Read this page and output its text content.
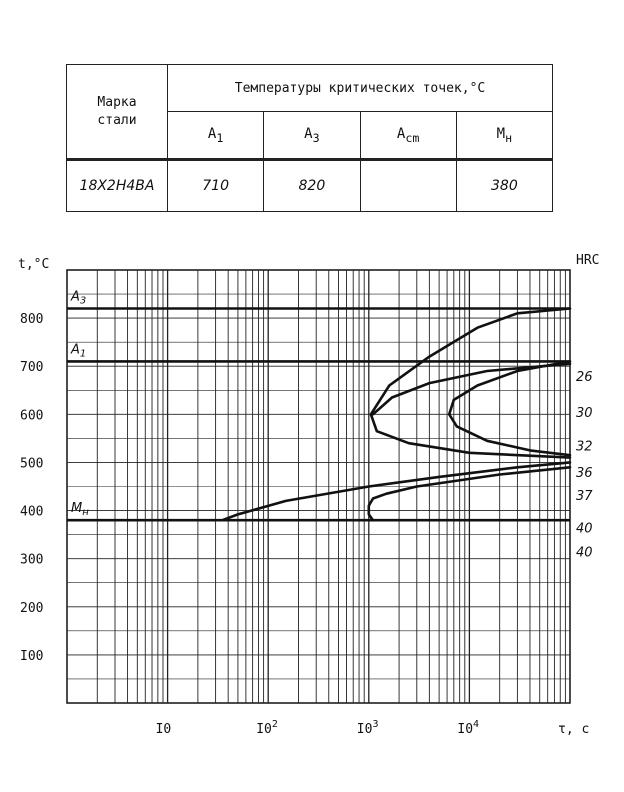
Марка
стали	Температуры критических точек,°С			
	$A_1$	$A_3$	$A_{cm}$	$M_н$
18Х2Н4ВА	710	820		380
$A_3$
$A_1$
$M_н$
I00
200
300
400
500
600
700
800
I0	$I0^2$	$I0^3$	$I0^4$
t,°C
τ, с
HRC
26
30
32
36
37
40
40
